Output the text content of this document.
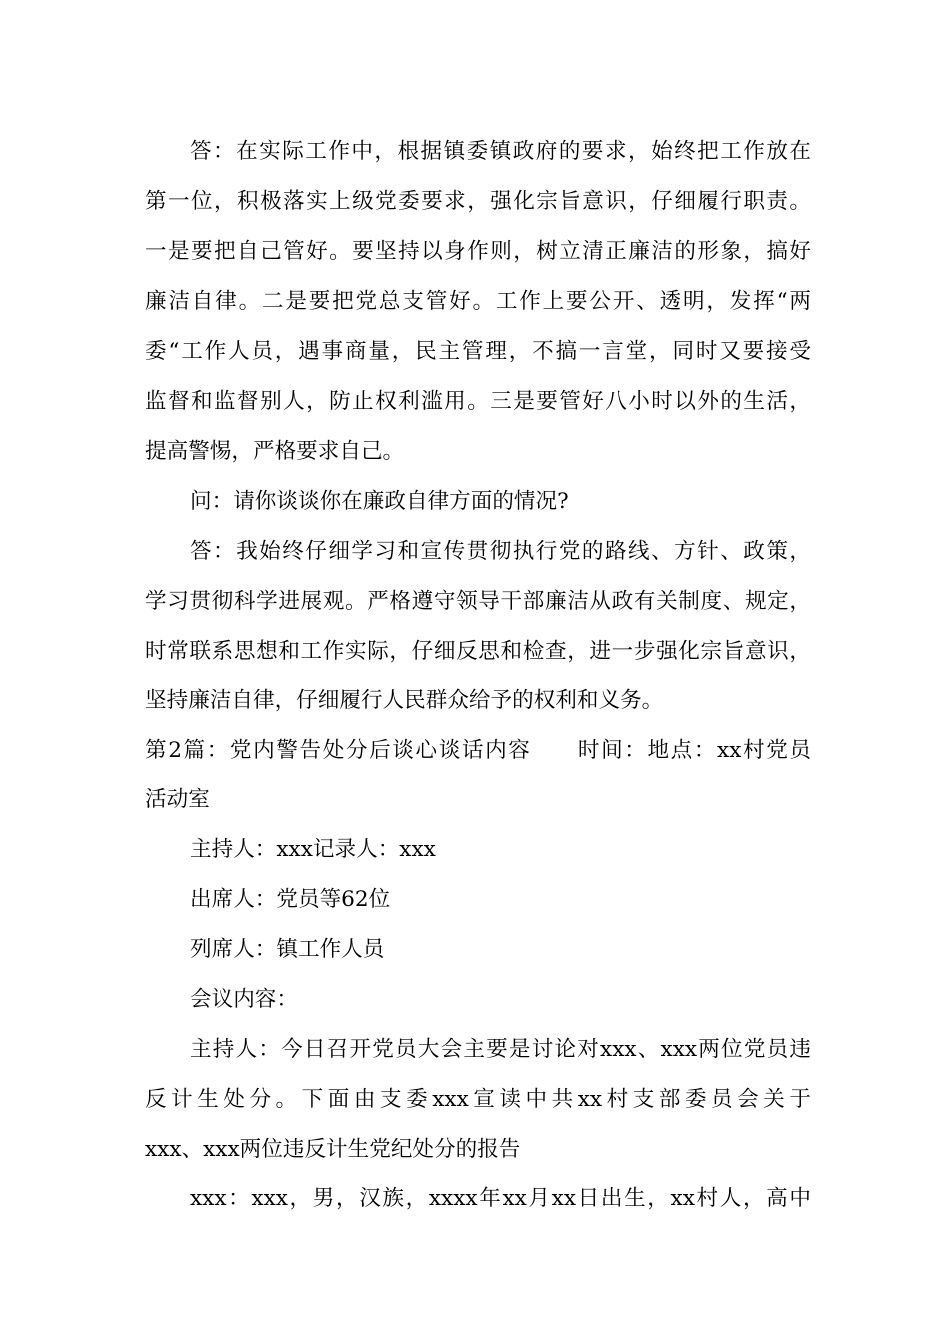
答：在实际工作中，根据镇委镇政府的要求，始终把工作放在
第一位，积极落实上级党委要求，强化宗旨意识，仔细履行职责。
一是要把自己管好。要坚持以身作则，树立清正廉洁的形象，搞好
廉洁自律。二是要把党总支管好。工作上要公开、透明，发挥“两
委“工作人员，遇事商量，民主管理，不搞一言堂，同时又要接受
监督和监督别人，防止权利滥用。三是要管好八小时以外的生活，
提高警惕，严格要求自己。
问：请你谈谈你在廉政自律方面的情况?
答：我始终仔细学习和宣传贯彻执行党的路线、方针、政策，
学习贯彻科学进展观。严格遵守领导干部廉洁从政有关制度、规定，
时常联系思想和工作实际，仔细反思和检查，进一步强化宗旨意识，
坚持廉洁自律，仔细履行人民群众给予的权利和义务。
第2篇：党内警告处分后谈心谈话内容　　时间：地点：xx村党员
活动室
主持人：xxx记录人：xxx
出席人：党员等62位
列席人：镇工作人员
会议内容：
主持人：今日召开党员大会主要是讨论对xxx、xxx两位党员违
反计生处分。下面由支委xxx宣读中共xx村支部委员会关于
xxx、xxx两位违反计生党纪处分的报告
xxx：xxx，男，汉族，xxxx年xx月xx日出生，xx村人，高中
